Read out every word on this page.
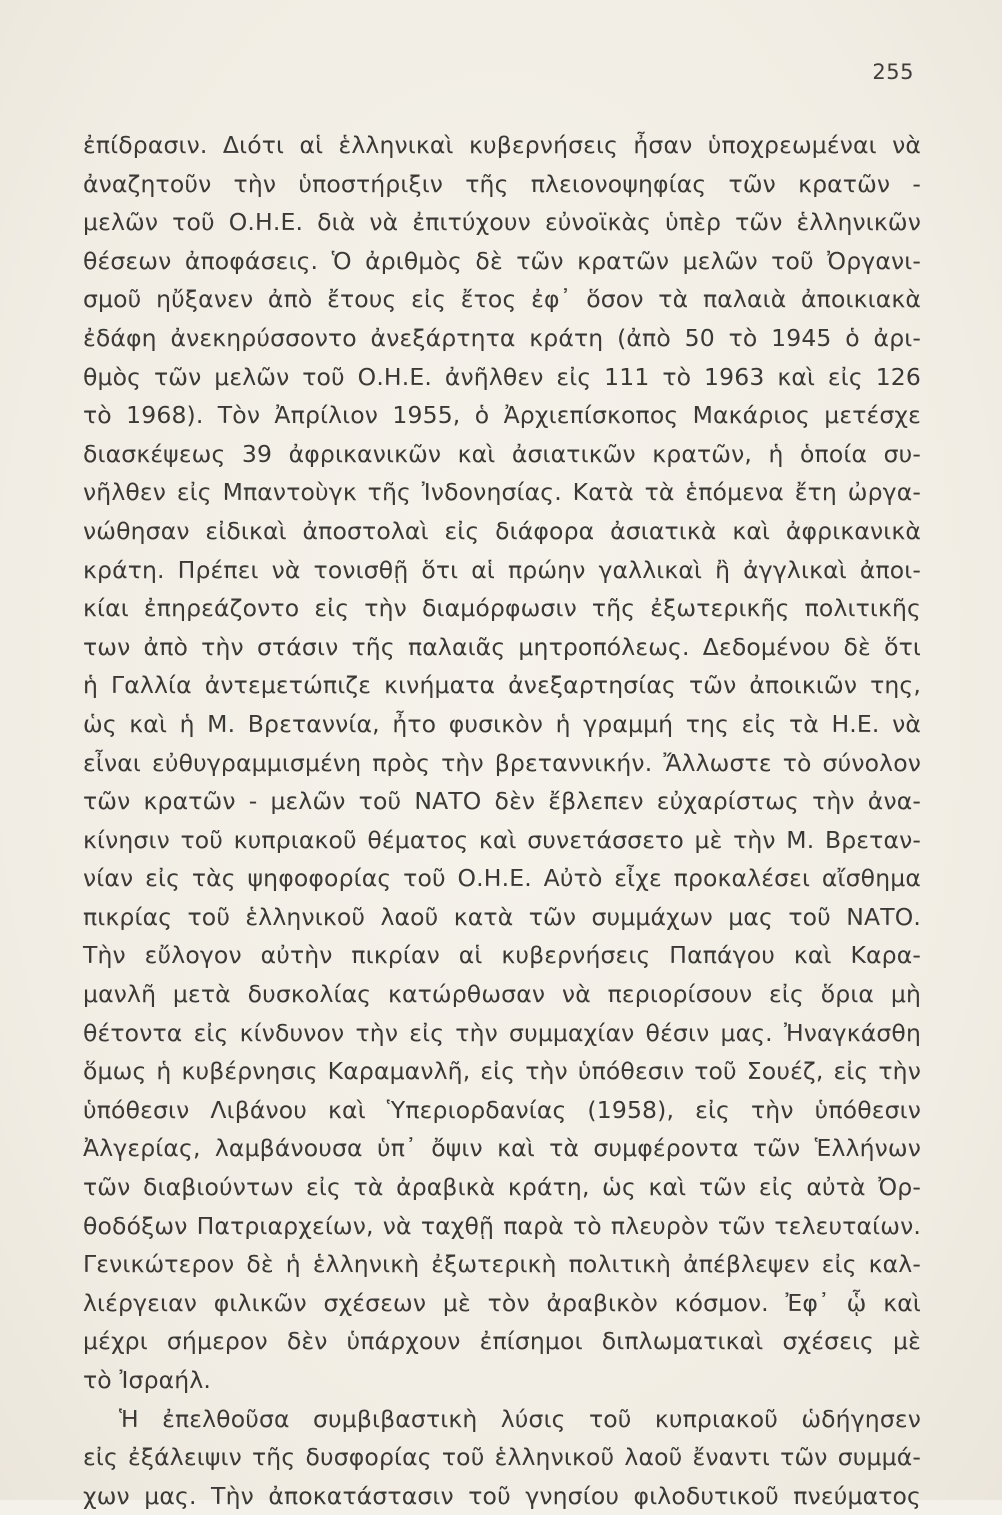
255
ἐπίδρασιν. Διότι αἱ ἑλληνικαὶ κυβερνήσεις ἦσαν ὑποχρεωμέναι νὰ
ἀναζητοῦν τὴν ὑποστήριξιν τῆς πλειονοψηφίας τῶν κρατῶν -
μελῶν τοῦ Ο.Η.Ε. διὰ νὰ ἐπιτύχουν εὐνοϊκὰς ὑπὲρ τῶν ἑλληνικῶν
θέσεων ἀποφάσεις. Ὁ ἀριθμὸς δὲ τῶν κρατῶν μελῶν τοῦ Ὀργανι-
σμοῦ ηὔξανεν ἀπὸ ἔτους εἰς ἔτος ἐφ᾽ ὅσον τὰ παλαιὰ ἀποικιακὰ
ἐδάφη ἀνεκηρύσσοντο ἀνεξάρτητα κράτη (ἀπὸ 50 τὸ 1945 ὁ ἀρι-
θμὸς τῶν μελῶν τοῦ Ο.Η.Ε. ἀνῆλθεν εἰς 111 τὸ 1963 καὶ εἰς 126
τὸ 1968). Τὸν Ἀπρίλιον 1955, ὁ Ἀρχιεπίσκοπος Μακάριος μετέσχε
διασκέψεως 39 ἀφρικανικῶν καὶ ἀσιατικῶν κρατῶν, ἡ ὁποία συ-
νῆλθεν εἰς Μπαντοὺγκ τῆς Ἰνδονησίας. Κατὰ τὰ ἑπόμενα ἔτη ὠργα-
νώθησαν εἰδικαὶ ἀποστολαὶ εἰς διάφορα ἀσιατικὰ καὶ ἀφρικανικὰ
κράτη. Πρέπει νὰ τονισθῇ ὅτι αἱ πρώην γαλλικαὶ ἢ ἀγγλικαὶ ἀποι-
κίαι ἐπηρεάζοντο εἰς τὴν διαμόρφωσιν τῆς ἐξωτερικῆς πολιτικῆς
των ἀπὸ τὴν στάσιν τῆς παλαιᾶς μητροπόλεως. Δεδομένου δὲ ὅτι
ἡ Γαλλία ἀντεμετώπιζε κινήματα ἀνεξαρτησίας τῶν ἀποικιῶν της,
ὡς καὶ ἡ Μ. Βρεταννία, ἦτο φυσικὸν ἡ γραμμή της εἰς τὰ Η.Ε. νὰ
εἶναι εὐθυγραμμισμένη πρὸς τὴν βρεταννικήν. Ἄλλωστε τὸ σύνολον
τῶν κρατῶν - μελῶν τοῦ ΝΑΤΟ δὲν ἔβλεπεν εὐχαρίστως τὴν ἀνα-
κίνησιν τοῦ κυπριακοῦ θέματος καὶ συνετάσσετο μὲ τὴν Μ. Βρεταν-
νίαν εἰς τὰς ψηφοφορίας τοῦ Ο.Η.Ε. Αὐτὸ εἶχε προκαλέσει αἴσθημα
πικρίας τοῦ ἑλληνικοῦ λαοῦ κατὰ τῶν συμμάχων μας τοῦ ΝΑΤΟ.
Τὴν εὔλογον αὐτὴν πικρίαν αἱ κυβερνήσεις Παπάγου καὶ Καρα-
μανλῆ μετὰ δυσκολίας κατώρθωσαν νὰ περιορίσουν εἰς ὅρια μὴ
θέτοντα εἰς κίνδυνον τὴν εἰς τὴν συμμαχίαν θέσιν μας. Ἠναγκάσθη
ὅμως ἡ κυβέρνησις Καραμανλῆ, εἰς τὴν ὑπόθεσιν τοῦ Σουέζ, εἰς τὴν
ὑπόθεσιν Λιβάνου καὶ Ὑπεριορδανίας (1958), εἰς τὴν ὑπόθεσιν
Ἀλγερίας, λαμβάνουσα ὑπ᾽ ὄψιν καὶ τὰ συμφέροντα τῶν Ἑλλήνων
τῶν διαβιούντων εἰς τὰ ἀραβικὰ κράτη, ὡς καὶ τῶν εἰς αὐτὰ Ὀρ-
θοδόξων Πατριαρχείων, νὰ ταχθῇ παρὰ τὸ πλευρὸν τῶν τελευταίων.
Γενικώτερον δὲ ἡ ἑλληνικὴ ἐξωτερικὴ πολιτικὴ ἀπέβλεψεν εἰς καλ-
λιέργειαν φιλικῶν σχέσεων μὲ τὸν ἀραβικὸν κόσμον. Ἐφ᾽ ᾧ καὶ
μέχρι σήμερον δὲν ὑπάρχουν ἐπίσημοι διπλωματικαὶ σχέσεις μὲ
τὸ Ἰσραήλ.
Ἡ ἐπελθοῦσα συμβιβαστικὴ λύσις τοῦ κυπριακοῦ ὡδήγησεν
εἰς ἐξάλειψιν τῆς δυσφορίας τοῦ ἑλληνικοῦ λαοῦ ἔναντι τῶν συμμά-
χων μας. Τὴν ἀποκατάστασιν τοῦ γνησίου φιλοδυτικοῦ πνεύματος
